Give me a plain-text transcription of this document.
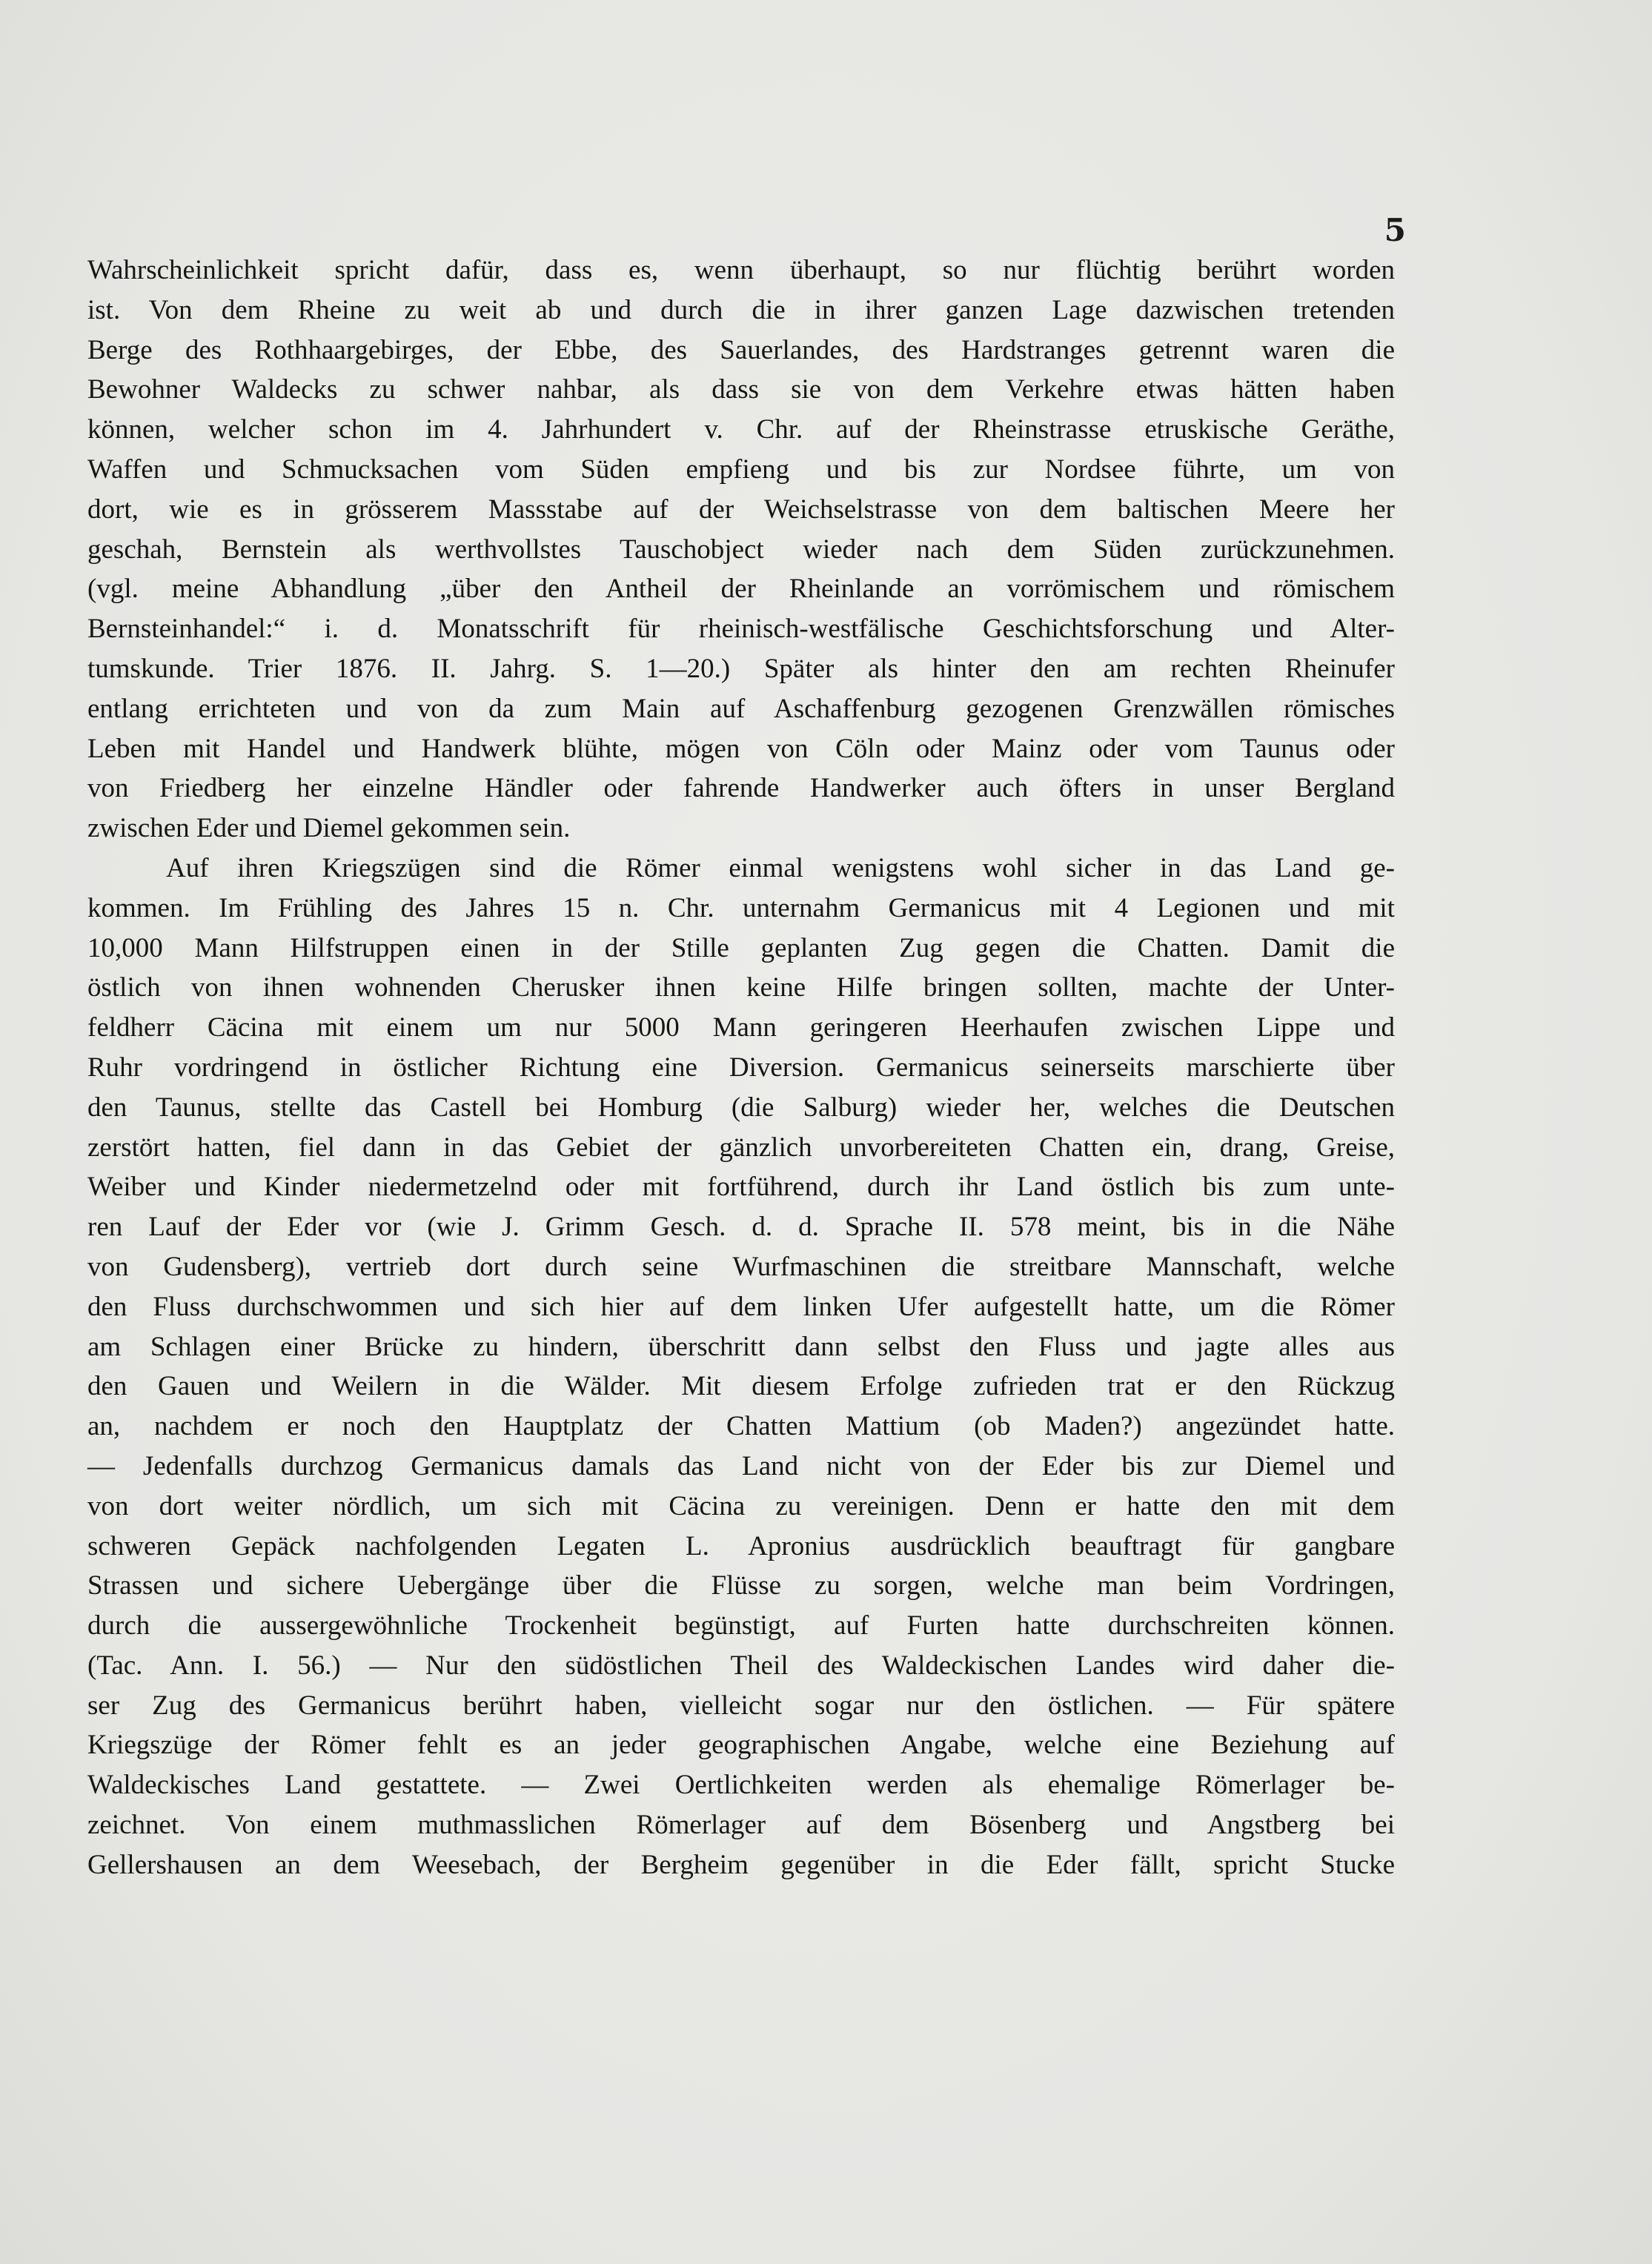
5
Wahrscheinlichkeit spricht dafür, dass es, wenn überhaupt, so nur flüchtig berührt worden
ist. Von dem Rheine zu weit ab und durch die in ihrer ganzen Lage dazwischen tretenden
Berge des Rothhaargebirges, der Ebbe, des Sauerlandes, des Hardstranges getrennt waren die
Bewohner Waldecks zu schwer nahbar, als dass sie von dem Verkehre etwas hätten haben
können, welcher schon im 4. Jahrhundert v. Chr. auf der Rheinstrasse etruskische Geräthe,
Waffen und Schmucksachen vom Süden empfieng und bis zur Nordsee führte, um von
dort, wie es in grösserem Massstabe auf der Weichselstrasse von dem baltischen Meere her
geschah, Bernstein als werthvollstes Tauschobject wieder nach dem Süden zurückzunehmen.
(vgl. meine Abhandlung „über den Antheil der Rheinlande an vorrömischem und römischem
Bernsteinhandel:“ i. d. Monatsschrift für rheinisch-westfälische Geschichtsforschung und Alter-
tumskunde. Trier 1876. II. Jahrg. S. 1—20.) Später als hinter den am rechten Rheinufer
entlang errichteten und von da zum Main auf Aschaffenburg gezogenen Grenzwällen römisches
Leben mit Handel und Handwerk blühte, mögen von Cöln oder Mainz oder vom Taunus oder
von Friedberg her einzelne Händler oder fahrende Handwerker auch öfters in unser Bergland
zwischen Eder und Diemel gekommen sein.
Auf ihren Kriegszügen sind die Römer einmal wenigstens wohl sicher in das Land ge-
kommen. Im Frühling des Jahres 15 n. Chr. unternahm Germanicus mit 4 Legionen und mit
10,000 Mann Hilfstruppen einen in der Stille geplanten Zug gegen die Chatten. Damit die
östlich von ihnen wohnenden Cherusker ihnen keine Hilfe bringen sollten, machte der Unter-
feldherr Cäcina mit einem um nur 5000 Mann geringeren Heerhaufen zwischen Lippe und
Ruhr vordringend in östlicher Richtung eine Diversion. Germanicus seinerseits marschierte über
den Taunus, stellte das Castell bei Homburg (die Salburg) wieder her, welches die Deutschen
zerstört hatten, fiel dann in das Gebiet der gänzlich unvorbereiteten Chatten ein, drang, Greise,
Weiber und Kinder niedermetzelnd oder mit fortführend, durch ihr Land östlich bis zum unte-
ren Lauf der Eder vor (wie J. Grimm Gesch. d. d. Sprache II. 578 meint, bis in die Nähe
von Gudensberg), vertrieb dort durch seine Wurfmaschinen die streitbare Mannschaft, welche
den Fluss durchschwommen und sich hier auf dem linken Ufer aufgestellt hatte, um die Römer
am Schlagen einer Brücke zu hindern, überschritt dann selbst den Fluss und jagte alles aus
den Gauen und Weilern in die Wälder. Mit diesem Erfolge zufrieden trat er den Rückzug
an, nachdem er noch den Hauptplatz der Chatten Mattium (ob Maden?) angezündet hatte.
— Jedenfalls durchzog Germanicus damals das Land nicht von der Eder bis zur Diemel und
von dort weiter nördlich, um sich mit Cäcina zu vereinigen. Denn er hatte den mit dem
schweren Gepäck nachfolgenden Legaten L. Apronius ausdrücklich beauftragt für gangbare
Strassen und sichere Uebergänge über die Flüsse zu sorgen, welche man beim Vordringen,
durch die aussergewöhnliche Trockenheit begünstigt, auf Furten hatte durchschreiten können.
(Tac. Ann. I. 56.) — Nur den südöstlichen Theil des Waldeckischen Landes wird daher die-
ser Zug des Germanicus berührt haben, vielleicht sogar nur den östlichen. — Für spätere
Kriegszüge der Römer fehlt es an jeder geographischen Angabe, welche eine Beziehung auf
Waldeckisches Land gestattete. — Zwei Oertlichkeiten werden als ehemalige Römerlager be-
zeichnet. Von einem muthmasslichen Römerlager auf dem Bösenberg und Angstberg bei
Gellershausen an dem Weesebach, der Bergheim gegenüber in die Eder fällt, spricht Stucke
